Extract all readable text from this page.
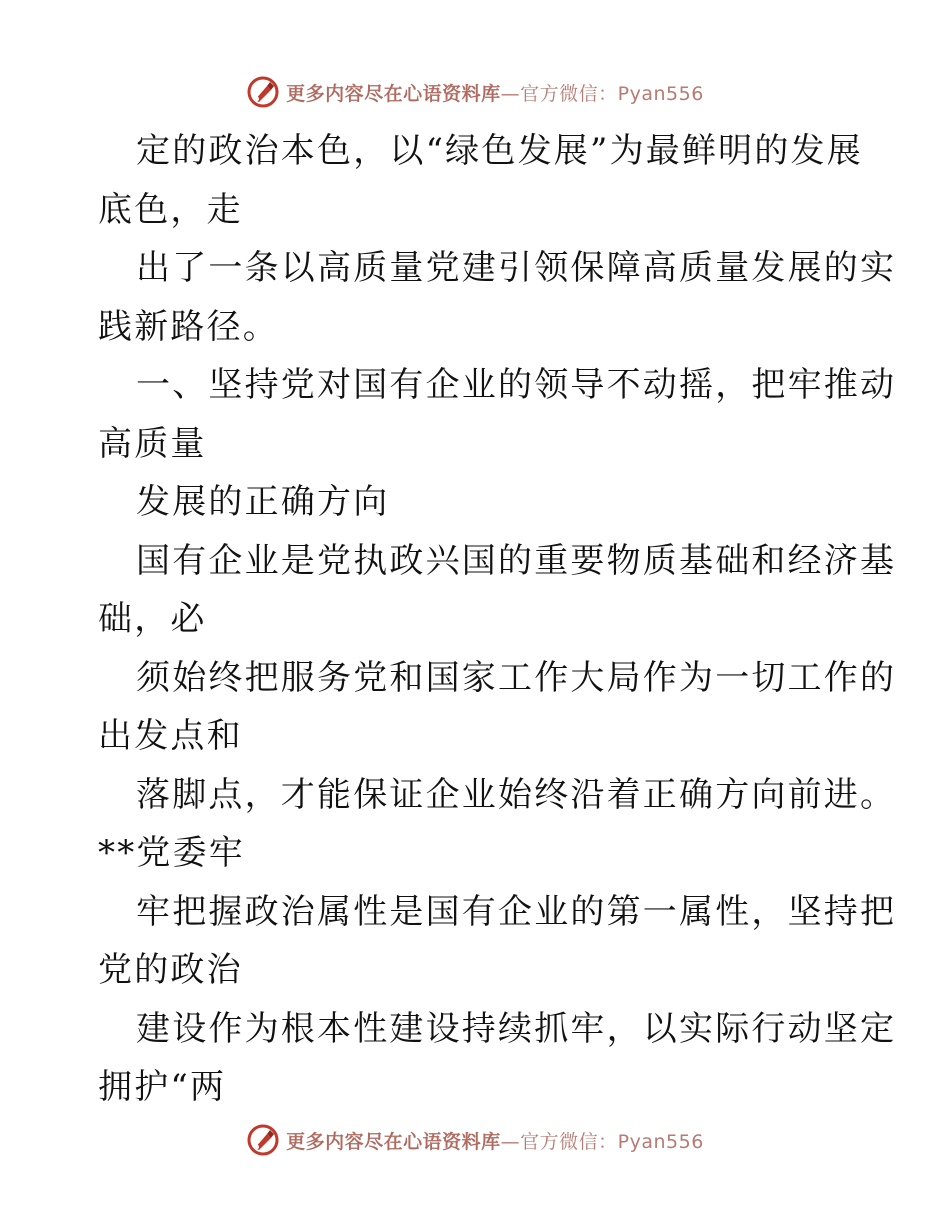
更多内容尽在心语资料库—官方微信：Pyan556
定的政治本色，以“绿色发展”为最鲜明的发展
底色，走
出了一条以高质量党建引领保障高质量发展的实
践新路径。
一、坚持党对国有企业的领导不动摇，把牢推动
高质量
发展的正确方向
国有企业是党执政兴国的重要物质基础和经济基
础，必
须始终把服务党和国家工作大局作为一切工作的
出发点和
落脚点，才能保证企业始终沿着正确方向前进。
**党委牢
牢把握政治属性是国有企业的第一属性，坚持把
党的政治
建设作为根本性建设持续抓牢，以实际行动坚定
拥护“两
更多内容尽在心语资料库—官方微信：Pyan556
